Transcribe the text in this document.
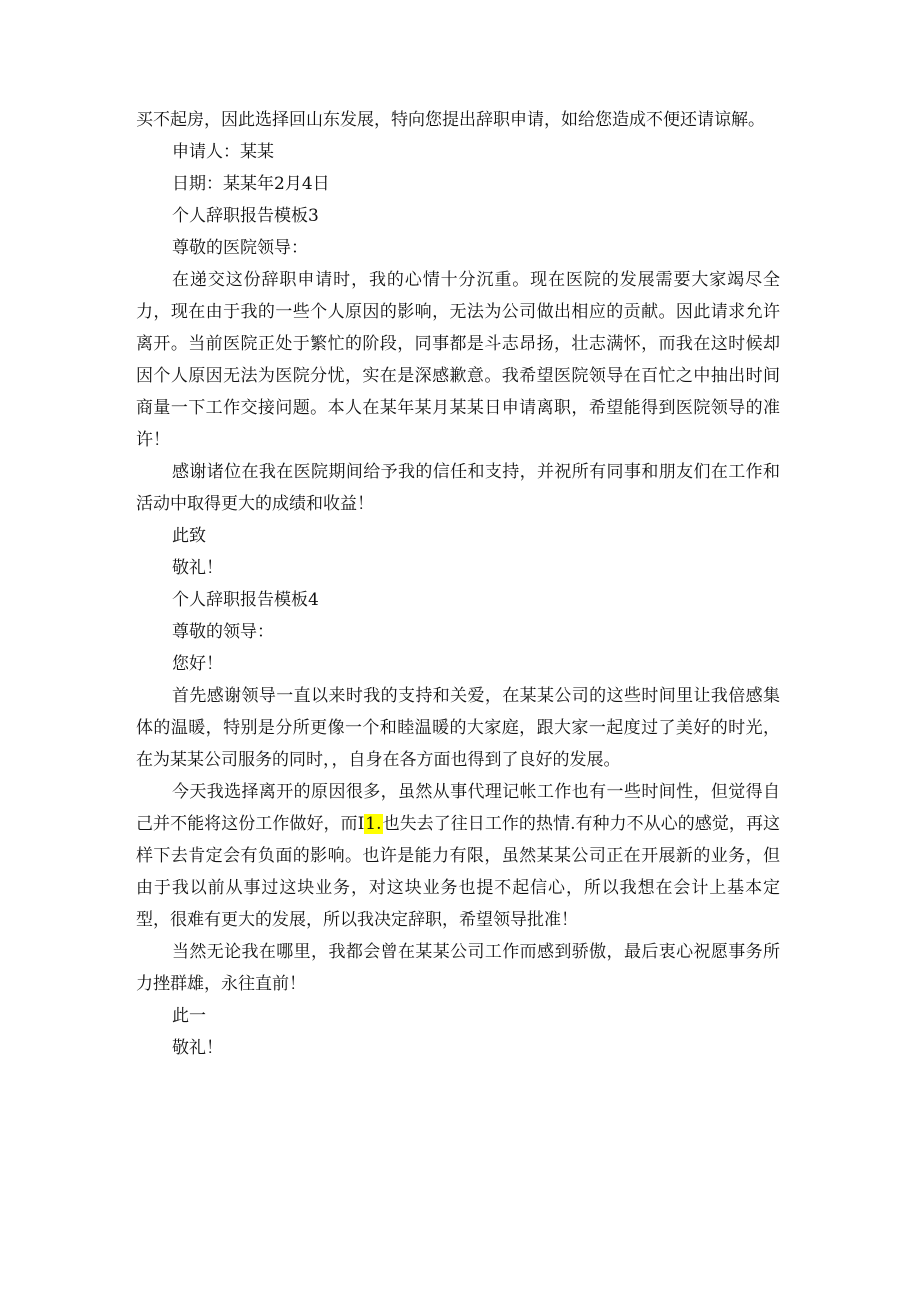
买不起房，因此选择回山东发展，特向您提出辞职申请，如给您造成不便还请谅解。

申请人：某某

日期：某某年2月4日

个人辞职报告模板3

尊敬的医院领导：

在递交这份辞职申请时，我的心情十分沉重。现在医院的发展需要大家竭尽全力，现在由于我的一些个人原因的影响，无法为公司做出相应的贡献。因此请求允许离开。当前医院正处于繁忙的阶段，同事都是斗志昂扬，壮志满怀，而我在这时候却因个人原因无法为医院分忧，实在是深感歉意。我希望医院领导在百忙之中抽出时间商量一下工作交接问题。本人在某年某月某某日申请离职，希望能得到医院领导的准许！

感谢诸位在我在医院期间给予我的信任和支持，并祝所有同事和朋友们在工作和活动中取得更大的成绩和收益！

此致

敬礼！

个人辞职报告模板4

尊敬的领导：

您好！

首先感谢领导一直以来时我的支持和关爱，在某某公司的这些时间里让我倍感集体的温暖，特别是分所更像一个和睦温暖的大家庭，跟大家一起度过了美好的时光，在为某某公司服务的同时，，自身在各方面也得到了良好的发展。

今天我选择离开的原因很多，虽然从事代理记帐工作也有一些时间性，但觉得自己并不能将这份工作做好，而I1.也失去了往日工作的热情.有种力不从心的感觉，再这样下去肯定会有负面的影响。也许是能力有限，虽然某某公司正在开展新的业务，但由于我以前从事过这块业务，对这块业务也提不起信心，所以我想在会计上基本定型，很难有更大的发展，所以我决定辞职，希望领导批准！

当然无论我在哪里，我都会曾在某某公司工作而感到骄傲，最后衷心祝愿事务所力挫群雄，永往直前！

此一

敬礼！
